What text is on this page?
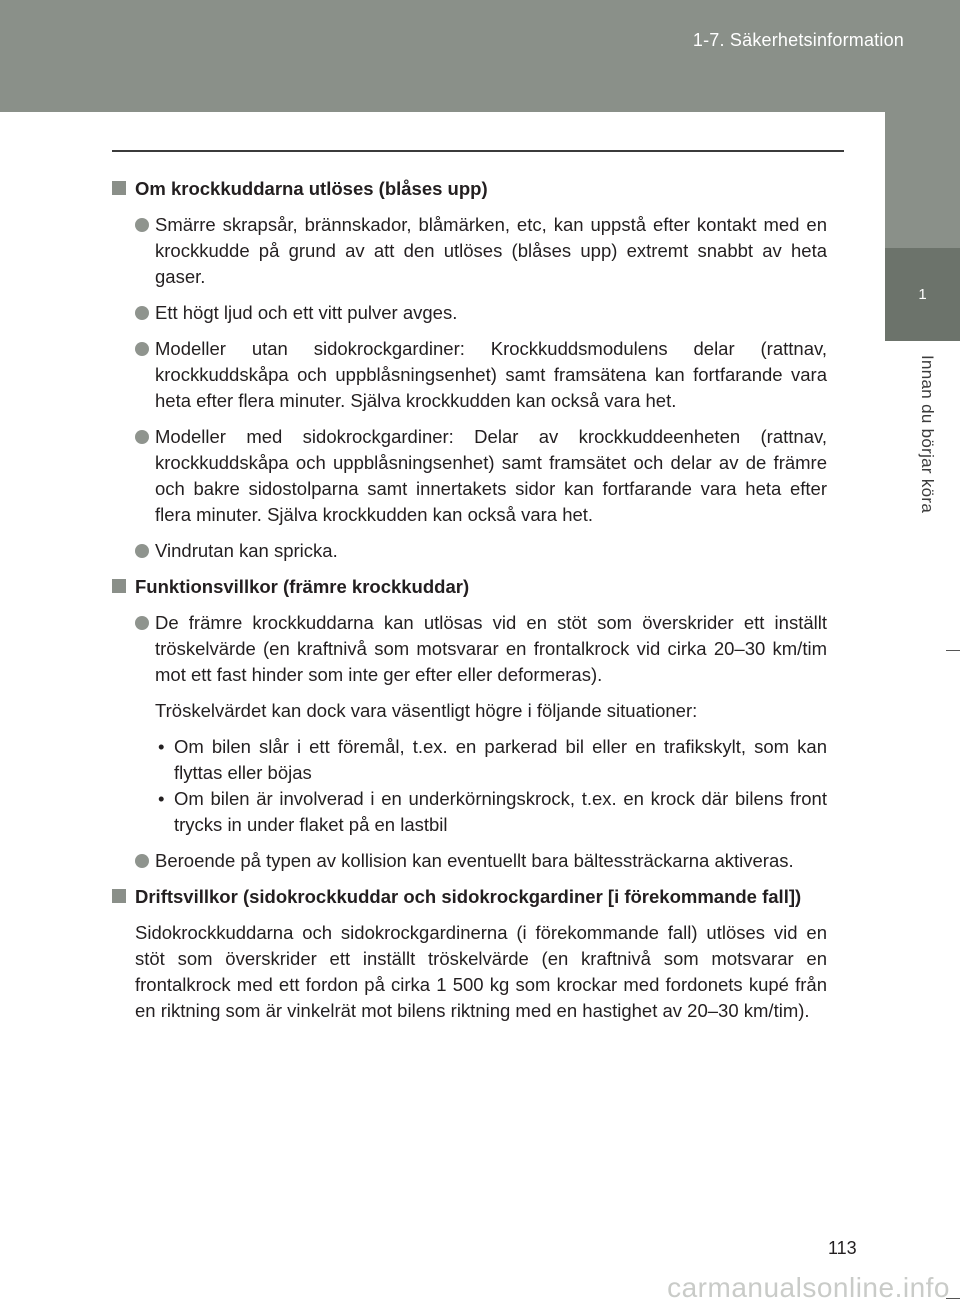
1-7. Säkerhetsinformation
1
Innan du börjar köra
Om krockkuddarna utlöses (blåses upp)
Smärre skrapsår, brännskador, blåmärken, etc, kan uppstå efter kontakt med en krockkudde på grund av att den utlöses (blåses upp) extremt snabbt av heta gaser.
Ett högt ljud och ett vitt pulver avges.
Modeller utan sidokrockgardiner: Krockkuddsmodulens delar (rattnav, krockkuddskåpa och uppblåsningsenhet) samt framsätena kan fortfarande vara heta efter flera minuter. Själva krockkudden kan också vara het.
Modeller med sidokrockgardiner: Delar av krockkuddeenheten (rattnav, krockkuddskåpa och uppblåsningsenhet) samt framsätet och delar av de främre och bakre sidostolparna samt innertakets sidor kan fortfarande vara heta efter flera minuter. Själva krockkudden kan också vara het.
Vindrutan kan spricka.
Funktionsvillkor (främre krockkuddar)
De främre krockkuddarna kan utlösas vid en stöt som överskrider ett inställt tröskelvärde (en kraftnivå som motsvarar en frontalkrock vid cirka 20–30 km/tim mot ett fast hinder som inte ger efter eller deformeras).
Tröskelvärdet kan dock vara väsentligt högre i följande situationer:
• Om bilen slår i ett föremål, t.ex. en parkerad bil eller en trafikskylt, som kan flyttas eller böjas
• Om bilen är involverad i en underkörningskrock, t.ex. en krock där bilens front trycks in under flaket på en lastbil
Beroende på typen av kollision kan eventuellt bara bältessträckarna aktiveras.
Driftsvillkor (sidokrockkuddar och sidokrockgardiner [i förekommande fall])
Sidokrockkuddarna och sidokrockgardinerna (i förekommande fall) utlöses vid en stöt som överskrider ett inställt tröskelvärde (en kraftnivå som motsvarar en frontalkrock med ett fordon på cirka 1 500 kg som krockar med fordonets kupé från en riktning som är vinkelrät mot bilens riktning med en hastighet av 20–30 km/tim).
113
carmanualsonline.info
